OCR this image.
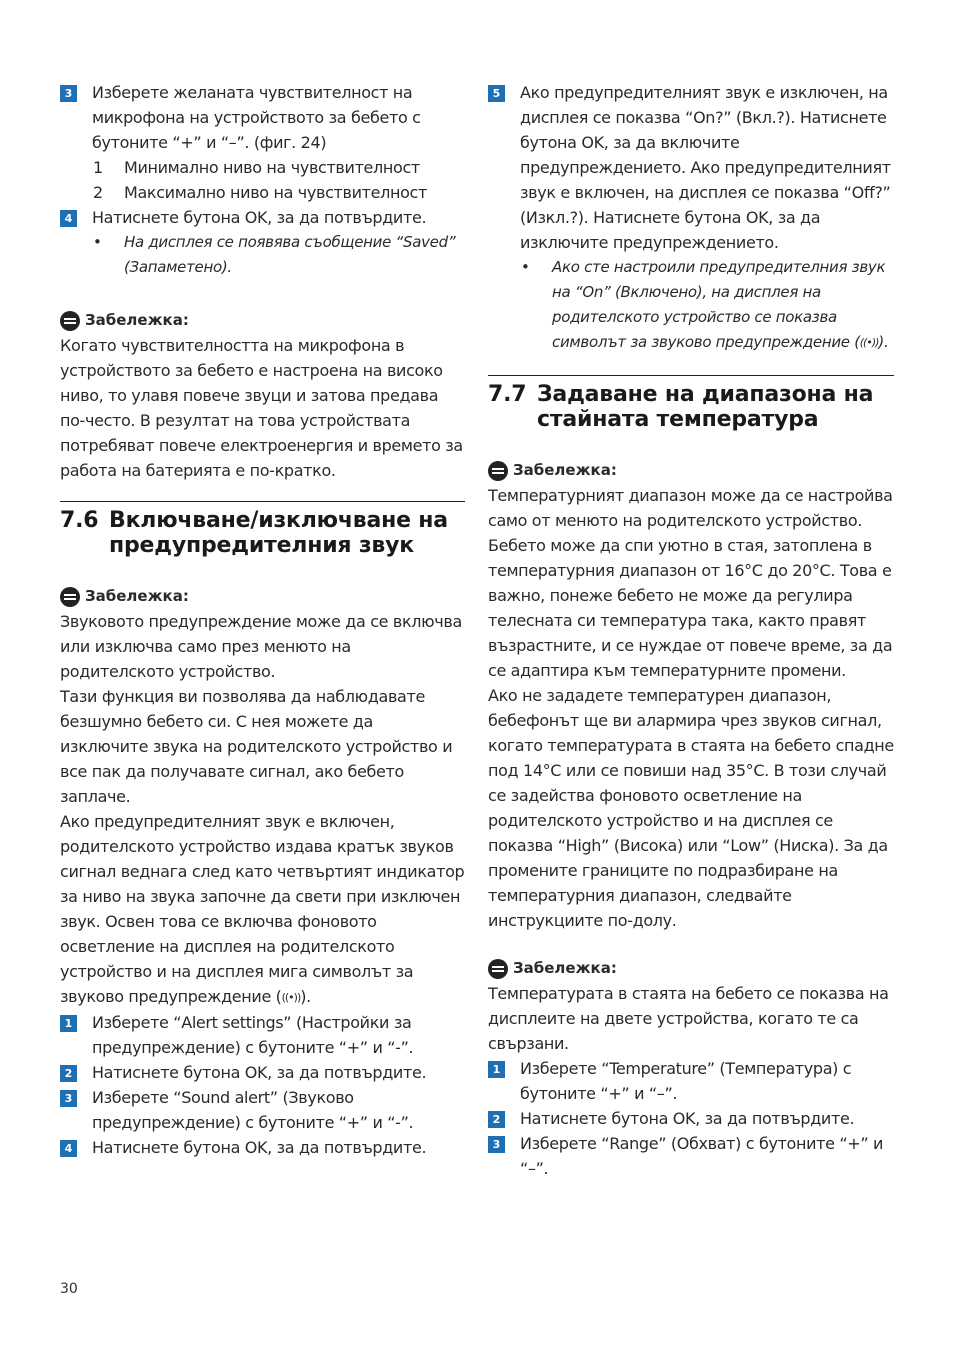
3 Изберете желаната чувствителност на микрофона на устройството за бебето с бутоните “+” и “–”. (фиг. 24)
1 Минимално ниво на чувствителност
2 Максимално ниво на чувствителност
4 Натиснете бутона OK, за да потвърдите.
• На дисплея се появява съобщение “Saved” (Запаметено).
Забележка:

Когато чувствителността на микрофона в устройството за бебето е настроена на високо ниво, то улавя повече звуци и затова предава по-често. В резултат на това устройствата потребяват повече електроенергия и времето за работа на батерията е по-кратко.

7.6 Включване/изключване на предупредителния звук
Забележка:

Звуковото предупреждение може да се включва или изключва само през менюто на родителското устройство.

Тази функция ви позволява да наблюдавате безшумно бебето си. С нея можете да изключите звука на родителското устройство и все пак да получавате сигнал, ако бебето заплаче.

Ако предупредителният звук е включен, родителското устройство издава кратък звуков сигнал веднага след като четвъртият индикатор за ниво на звука започне да свети при изключен звук. Освен това се включва фоновото осветление на дисплея на родителското устройство и на дисплея мига символът за звуково предупреждение (((•))).

1 Изберете “Alert settings” (Настройки за предупреждение) с бутоните “+” и “-”.
2 Натиснете бутона OK, за да потвърдите.
3 Изберете “Sound alert” (Звуково предупреждение) с бутоните “+” и “-”.
4 Натиснете бутона OK, за да потвърдите.
5 Ако предупредителният звук е изключен, на дисплея се показва “On?” (Вкл.?). Натиснете бутона OK, за да включите предупреждението. Ако предупредителният звук е включен, на дисплея се показва “Off?” (Изкл.?). Натиснете бутона OK, за да изключите предупреждението.
• Ако сте настроили предупредителния звук на “On” (Включено), на дисплея на родителското устройство се показва символът за звуково предупреждение (((•))).
7.7 Задаване на диапазона на стайната температура
Забележка:

Температурният диапазон може да се настройва само от менюто на родителското устройство.

Бебето може да спи уютно в стая, затоплена в температурния диапазон от 16°C до 20°C. Това е важно, понеже бебето не може да регулира телесната си температура така, както правят възрастните, и се нуждае от повече време, за да се адаптира към температурните промени.

Ако не зададете температурен диапазон, бебефонът ще ви алармира чрез звуков сигнал, когато температурата в стаята на бебето спадне под 14°C или се повиши над 35°C. В този случай се задейства фоновото осветление на родителското устройство и на дисплея се показва “High” (Висока) или “Low” (Ниска). За да промените границите по подразбиране на температурния диапазон, следвайте инструкциите по-долу.

Забележка:

Температурата в стаята на бебето се показва на дисплеите на двете устройства, когато те са свързани.

1 Изберете “Temperature” (Температура) с бутоните “+” и “–”.
2 Натиснете бутона OK, за да потвърдите.
3 Изберете “Range” (Обхват) с бутоните “+” и “–”.
30
